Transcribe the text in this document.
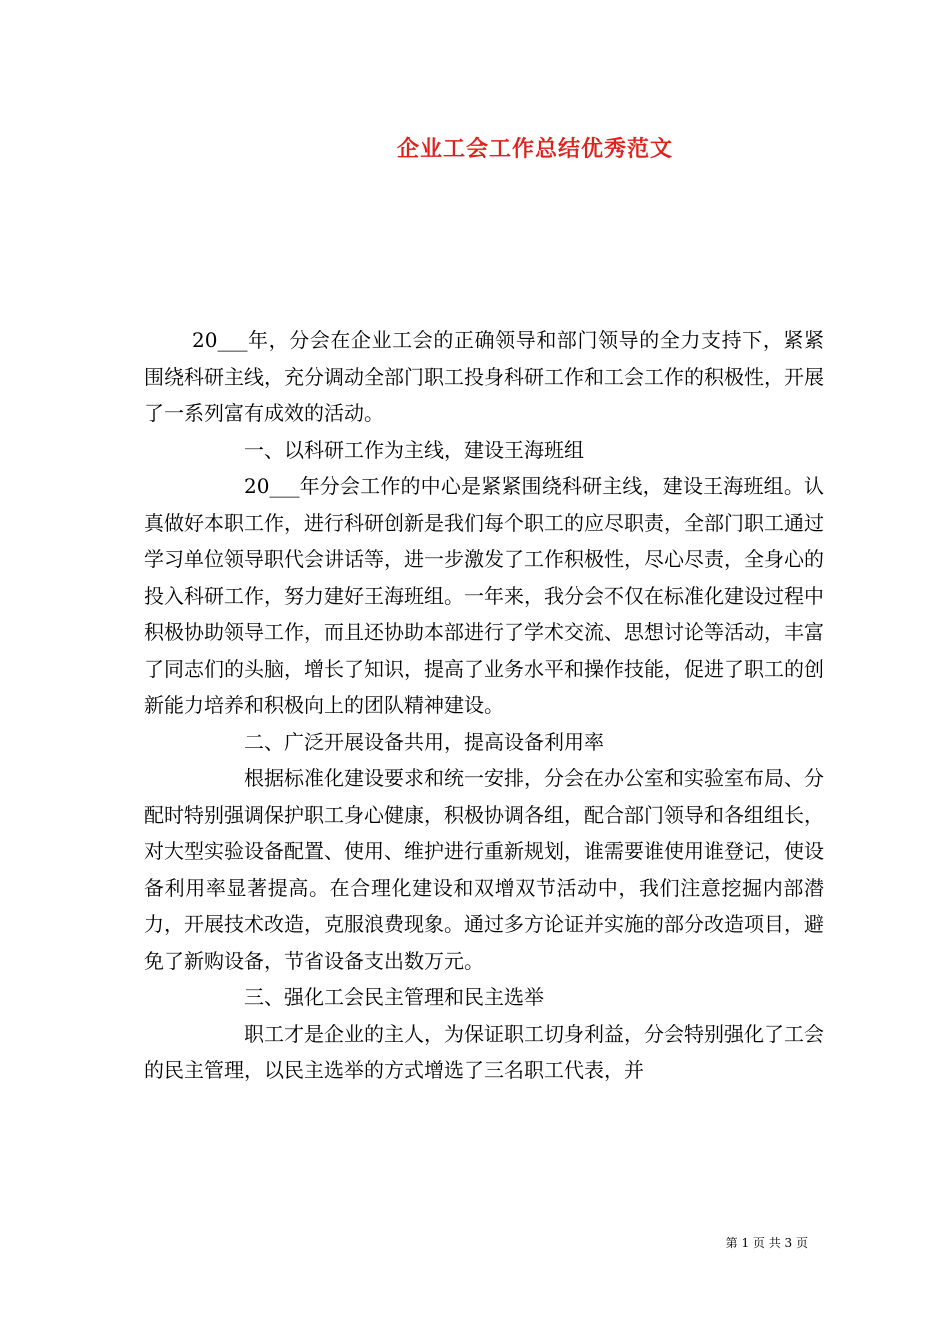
企业工会工作总结优秀范文

20___年，分会在企业工会的正确领导和部门领导的全力支持下，紧紧围绕科研主线，充分调动全部门职工投身科研工作和工会工作的积极性，开展了一系列富有成效的活动。

一、以科研工作为主线，建设王海班组

20___年分会工作的中心是紧紧围绕科研主线，建设王海班组。认真做好本职工作，进行科研创新是我们每个职工的应尽职责，全部门职工通过学习单位领导职代会讲话等，进一步激发了工作积极性，尽心尽责，全身心的投入科研工作，努力建好王海班组。一年来，我分会不仅在标准化建设过程中积极协助领导工作，而且还协助本部进行了学术交流、思想讨论等活动，丰富了同志们的头脑，增长了知识，提高了业务水平和操作技能，促进了职工的创新能力培养和积极向上的团队精神建设。

二、广泛开展设备共用，提高设备利用率

根据标准化建设要求和统一安排，分会在办公室和实验室布局、分配时特别强调保护职工身心健康，积极协调各组，配合部门领导和各组组长，对大型实验设备配置、使用、维护进行重新规划，谁需要谁使用谁登记，使设备利用率显著提高。在合理化建设和双增双节活动中，我们注意挖掘内部潜力，开展技术改造，克服浪费现象。通过多方论证并实施的部分改造项目，避免了新购设备，节省设备支出数万元。

三、强化工会民主管理和民主选举

职工才是企业的主人，为保证职工切身利益，分会特别强化了工会的民主管理，以民主选举的方式增选了三名职工代表，并

第 1 页 共 3 页
